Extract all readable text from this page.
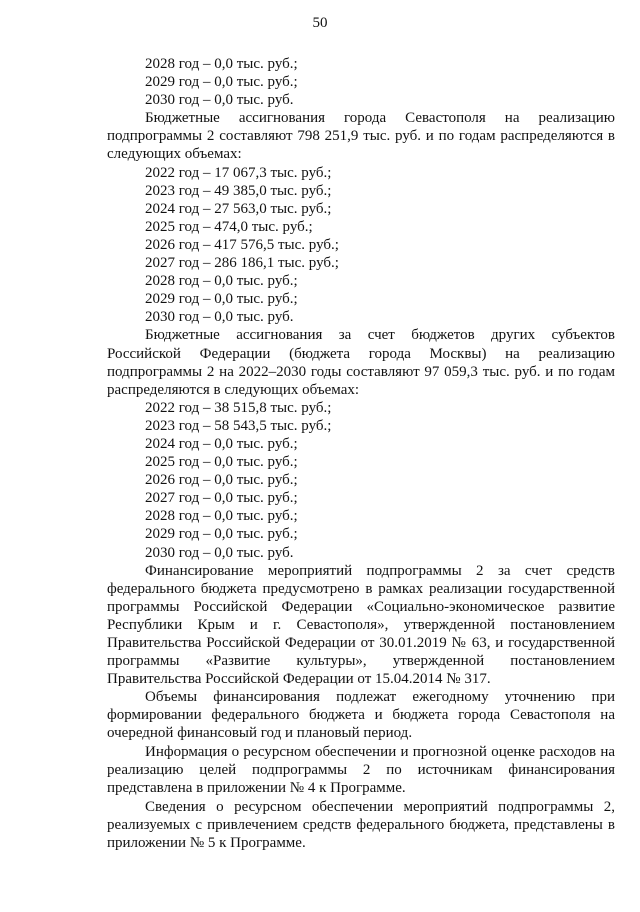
50

2028 год – 0,0 тыс. руб.;

2029 год – 0,0 тыс. руб.;

2030 год – 0,0 тыс. руб.

Бюджетные ассигнования города Севастополя на реализацию подпрограммы 2 составляют 798 251,9 тыс. руб. и по годам распределяются в следующих объемах:

2022 год – 17 067,3 тыс. руб.;

2023 год – 49 385,0 тыс. руб.;

2024 год – 27 563,0 тыс. руб.;

2025 год – 474,0 тыс. руб.;

2026 год – 417 576,5 тыс. руб.;

2027 год – 286 186,1 тыс. руб.;

2028 год – 0,0 тыс. руб.;

2029 год – 0,0 тыс. руб.;

2030 год – 0,0 тыс. руб.

Бюджетные ассигнования за счет бюджетов других субъектов Российской Федерации (бюджета города Москвы) на реализацию подпрограммы 2 на 2022–2030 годы составляют 97 059,3 тыс. руб. и по годам распределяются в следующих объемах:

2022 год – 38 515,8 тыс. руб.;

2023 год – 58 543,5 тыс. руб.;

2024 год – 0,0 тыс. руб.;

2025 год – 0,0 тыс. руб.;

2026 год – 0,0 тыс. руб.;

2027 год – 0,0 тыс. руб.;

2028 год – 0,0 тыс. руб.;

2029 год – 0,0 тыс. руб.;

2030 год – 0,0 тыс. руб.

Финансирование мероприятий подпрограммы 2 за счет средств федерального бюджета предусмотрено в рамках реализации государственной программы Российской Федерации «Социально-экономическое развитие Республики Крым и г. Севастополя», утвержденной постановлением Правительства Российской Федерации от 30.01.2019 № 63, и государственной программы «Развитие культуры», утвержденной постановлением Правительства Российской Федерации от 15.04.2014 № 317.

Объемы финансирования подлежат ежегодному уточнению при формировании федерального бюджета и бюджета города Севастополя на очередной финансовый год и плановый период.

Информация о ресурсном обеспечении и прогнозной оценке расходов на реализацию целей подпрограммы 2 по источникам финансирования представлена в приложении № 4 к Программе.

Сведения о ресурсном обеспечении мероприятий подпрограммы 2, реализуемых с привлечением средств федерального бюджета, представлены в приложении № 5 к Программе.
